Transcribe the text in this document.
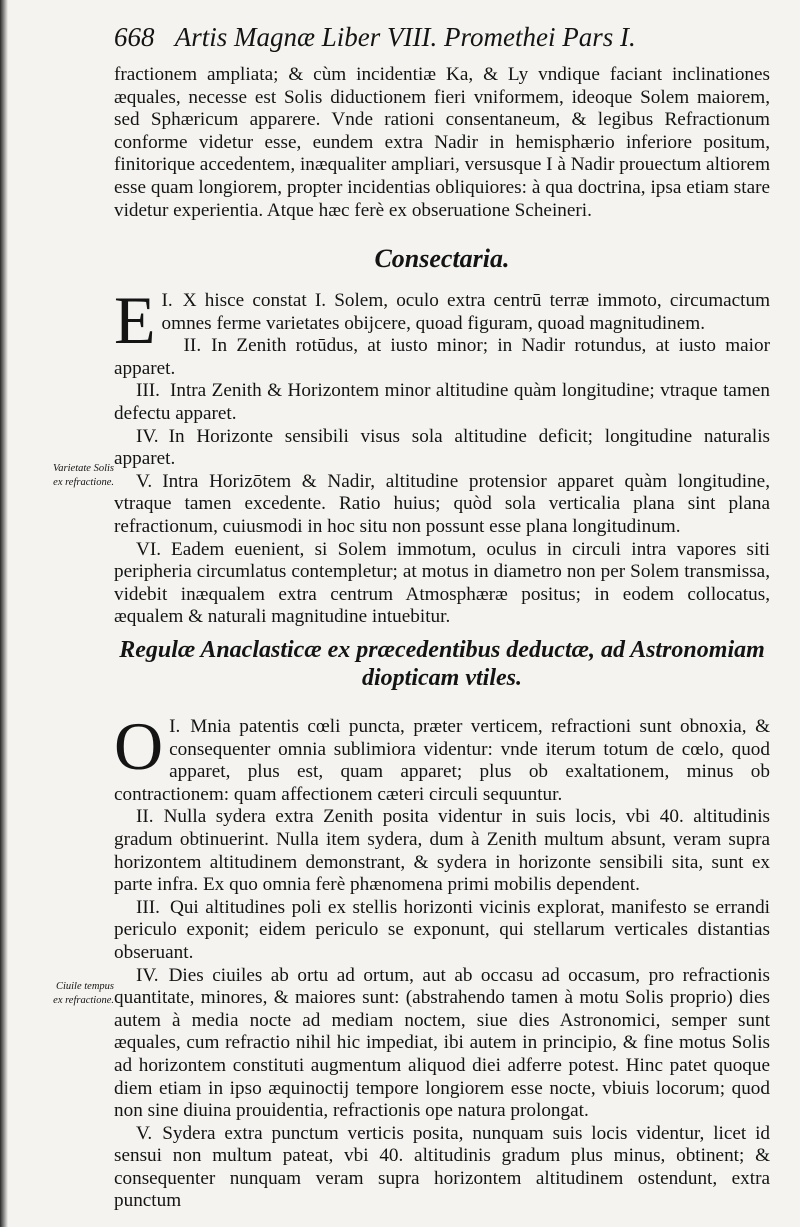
668 Artis Magnæ Liber VIII. Promethei Pars I.

fractionem ampliata; & cùm incidentiæ Ka, & Ly vndique faciant inclinationes æquales, necesse est Solis diductionem fieri vniformem, ideoque Solem maiorem, sed Sphæricum apparere. Vnde rationi consentaneum, & legibus Refractionum conforme videtur esse, eundem extra Nadir in hemisphærio inferiore positum, finitorique accedentem, inæqualiter ampliari, versusque I à Nadir prouectum altiorem esse quam longiorem, propter incidentias obliquiores: à qua doctrina, ipsa etiam stare videtur experientia. Atque hæc ferè ex obseruatione Scheineri.

Consectaria.

I.
E X hisce constat I. Solem, oculo extra centrū terræ immoto, circumactum omnes ferme varietates obijcere, quoad figuram, quoad magnitudinem.

II. In Zenith rotūdus, at iusto minor; in Nadir rotundus, at iusto maior apparet.

III. Intra Zenith & Horizontem minor altitudine quàm longitudine; vtraque tamen defectu apparet.

IV. In Horizonte sensibili visus sola altitudine deficit; longitudine naturalis apparet.

V. Intra Horizōtem & Nadir, altitudine protensior apparet quàm longitudine, vtraque tamen excedente. Ratio huius; quòd sola verticalia plana sint plana refractionum, cuiusmodi in hoc situ non possunt esse plana longitudinum.

VI. Eadem euenient, si Solem immotum, oculus in circuli intra vapores siti peripheria circumlatus contempletur; at motus in diametro non per Solem transmissa, videbit inæqualem extra centrum Atmosphæræ positus; in eodem collocatus, æqualem & naturali magnitudine intuebitur.

Varietate Solis
ex refractione.
Regulæ Anaclasticæ ex præcedentibus deductæ, ad Astronomiam
diopticam vtiles.

I.
O Mnia patentis cœli puncta, præter verticem, refractioni sunt obnoxia, & consequenter omnia sublimiora videntur: vnde iterum totum de cœlo, quod apparet, plus est, quam apparet; plus ob exaltationem, minus ob contractionem: quam affectionem cæteri circuli sequuntur.

II. Nulla sydera extra Zenith posita videntur in suis locis, vbi 40. altitudinis gradum obtinuerint. Nulla item sydera, dum à Zenith multum absunt, veram supra horizontem altitudinem demonstrant, & sydera in horizonte sensibili sita, sunt ex parte infra. Ex quo omnia ferè phænomena primi mobilis dependent.

III. Qui altitudines poli ex stellis horizonti vicinis explorat, manifesto se errandi periculo exponit; eidem periculo se exponunt, qui stellarum verticales distantias obseruant.

IV. Dies ciuiles ab ortu ad ortum, aut ab occasu ad occasum, pro refractionis quantitate, minores, & maiores sunt: (abstrahendo tamen à motu Solis proprio) dies autem à media nocte ad mediam noctem, siue dies Astronomici, semper sunt æquales, cum refractio nihil hic impediat, ibi autem in principio, & fine motus Solis ad horizontem constituti augmentum aliquod diei adferre potest. Hinc patet quoque diem etiam in ipso æquinoctij tempore longiorem esse nocte, vbiuis locorum; quod non sine diuina prouidentia, refractionis ope natura prolongat.

V. Sydera extra punctum verticis posita, nunquam suis locis videntur, licet id sensui non multum pateat, vbi 40. altitudinis gradum plus minus, obtinent; & consequenter nunquam veram supra horizontem altitudinem ostendunt, extra punctum

Ciuile tempus
ex refractione.
